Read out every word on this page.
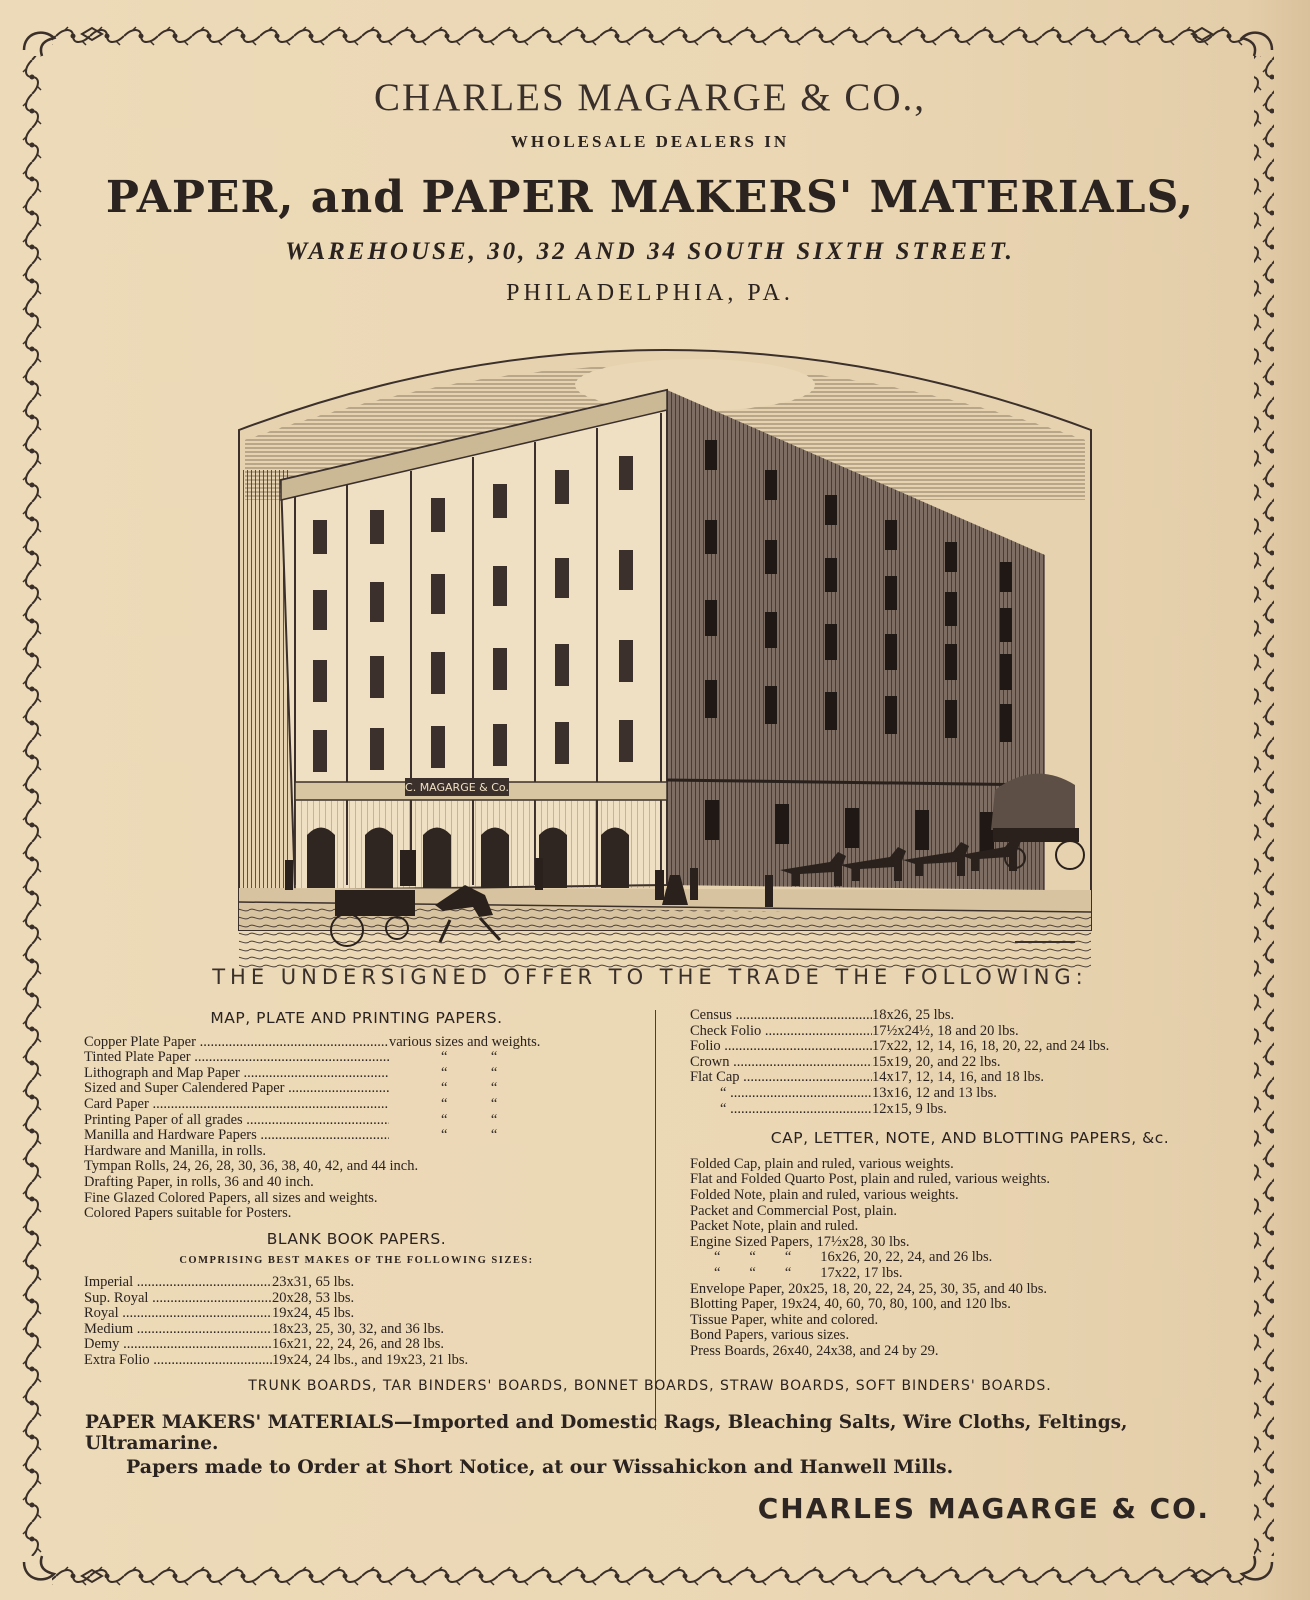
CHARLES MAGARGE & CO.,
WHOLESALE DEALERS IN
PAPER, and PAPER MAKERS' MATERIALS,
WAREHOUSE, 30, 32 AND 34 SOUTH SIXTH STREET.
PHILADELPHIA, PA.
C. MAGARGE & Co.
THE UNDERSIGNED OFFER TO THE TRADE THE FOLLOWING:
MAP, PLATE AND PRINTING PAPERS.
Copper Plate Paper .....	various sizes and weights.
Tinted Plate Paper .....	“            “
Lithograph and Map Paper .....	“            “
Sized and Super Calendered Paper .....	“            “
Card Paper .....	“            “
Printing Paper of all grades .....	“            “
Manilla and Hardware Papers .....	“            “
Hardware and Manilla, in rolls.
Tympan Rolls, 24, 26, 28, 30, 36, 38, 40, 42, and 44 inch.
Drafting Paper, in rolls, 36 and 40 inch.
Fine Glazed Colored Papers, all sizes and weights.
Colored Papers suitable for Posters.
BLANK BOOK PAPERS.
COMPRISING BEST MAKES OF THE FOLLOWING SIZES:
Imperial .....	23x31, 65 lbs.
Sup. Royal .....	20x28, 53 lbs.
Royal .....	19x24, 45 lbs.
Medium .....	18x23, 25, 30, 32, and 36 lbs.
Demy .....	16x21, 22, 24, 26, and 28 lbs.
Extra Folio .....	19x24, 24 lbs., and 19x23, 21 lbs.
Census .....	18x26, 25 lbs.
Check Folio .....	17½x24½, 18 and 20 lbs.
Folio .....	17x22, 12, 14, 16, 18, 20, 22, and 24 lbs.
Crown .....	15x19, 20, and 22 lbs.
Flat Cap .....	14x17, 12, 14, 16, and 18 lbs.
“ .....	13x16, 12 and 13 lbs.
“ .....	12x15, 9 lbs.
CAP, LETTER, NOTE, AND BLOTTING PAPERS, &c.
Folded Cap, plain and ruled, various weights.
Flat and Folded Quarto Post, plain and ruled, various weights.
Folded Note, plain and ruled, various weights.
Packet and Commercial Post, plain.
Packet Note, plain and ruled.
Engine Sized Papers, 17½x28, 30 lbs.
“        “        “        16x26, 20, 22, 24, and 26 lbs.
“        “        “        17x22, 17 lbs.
Envelope Paper, 20x25, 18, 20, 22, 24, 25, 30, 35, and 40 lbs.
Blotting Paper, 19x24, 40, 60, 70, 80, 100, and 120 lbs.
Tissue Paper, white and colored.
Bond Papers, various sizes.
Press Boards, 26x40, 24x38, and 24 by 29.
TRUNK BOARDS, TAR BINDERS' BOARDS, BONNET BOARDS, STRAW BOARDS, SOFT BINDERS' BOARDS.
PAPER MAKERS' MATERIALS—Imported and Domestic Rags, Bleaching Salts, Wire Cloths, Feltings, Ultramarine.
Papers made to Order at Short Notice, at our Wissahickon and Hanwell Mills.
CHARLES MAGARGE & CO.
